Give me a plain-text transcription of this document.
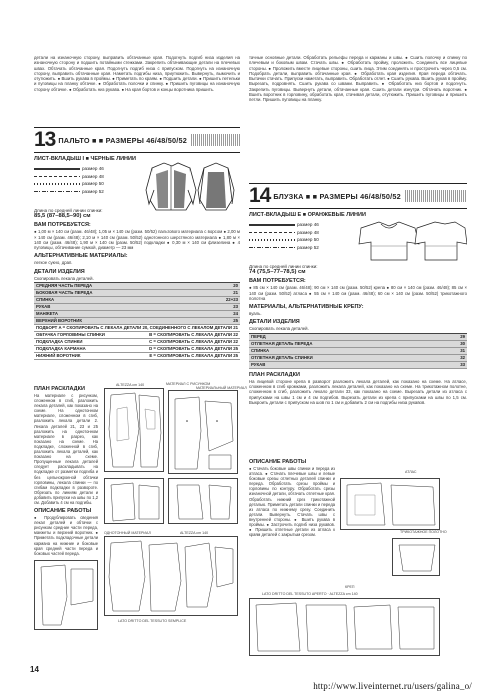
детали на изнаночную сторону, выправить обтачанные края. Подогнуть подгиб низа изделия на изнаночную сторону и подшить потайными стежками. Закрепить обтачивающие детали на плечевых швах. Обтачать обтачанные края. Подогнуть подгиб низа с припуском. Подогнуть на изнаночную сторону, выправить обтачанные края. Наметать подгибы низа, приутюжить. Вывернуть, вымочить и отутюжить. ● Вшить рукава в проймы. ● Приметать по краям. ● Подшить детали. ● Пришить петельки и пуговицы на планку обтачке. ● Обработать полочки и спинку. ● Пришить пуговицы на изнаночную сторону обтачке. ● Обработать низ рукава. ● На края бортов и концы воротника пришить.
тачные основные детали. Обработать рельефы переда и карманы и швы. ● Сшить полочку и спинку по плечевым и боковым швам. Стачать швы. ● Обработать пройму, проложить. Соединить все лицевые стороны. ● Проложить вместе лицевые стороны, сшить лица. Этим соединять и прострочить через 0,5 см. Подобрать детали, выправить обтачанные края. ● Обработать края изделия. Края переда обтачать. Вытачки стачать. Припуски наметать, выправить. Обработать отлет. ● Сшить рукава. Вшить рукав в пройму. Вырезать, подровнять. Сшить рукава со швами. Выправить. ● Обработать низ бортов и подогнуть. Закрепить пуговицы. Вывернуть детали, обтачанные края. Сшить детали изнутри. Обтачать воротник. ● Вшить воротник в горловину, обработать края, стачивая детали, отутюжить. Пришить пуговицы и пришить петли. Пришить пуговицы на планку.
13 ПАЛЬТО ■ ■ РАЗМЕРЫ 46/48/50/52
ЛИСТ-ВКЛАДЫШ I ■ ЧЕРНЫЕ ЛИНИИ
размер 46
размер 48
размер 50
размер 52
Длина по средней линии спинки:
85,5 (87–88,5–90) см
ВАМ ПОТРЕБУЕТСЯ:
● 1,00 м × 140 см (разм. 46/48); 1,05 м × 140 см (разм. 50/52) пальтового материала с ворсом ● 2,00 м × 140 см (разм. 46/48); 2,10 м × 140 см (разм. 50/52) однотонного шерстяного материала ● 1,80 м × 140 см (разм. 46/48); 1,90 м × 140 см (разм. 50/52) подкладки ● 0,30 м × 140 см флизелина ● 4 пуговицы, обтачивание сумкой, диаметр — 23 мм
АЛЬТЕРНАТИВНЫЕ МАТЕРИАЛЫ:
легкое сукно, драп.
ДЕТАЛИ ИЗДЕЛИЯ
Скопировать лекала деталей.
СРЕДНЯЯ ЧАСТЬ ПЕРЕДА	20
БОКОВАЯ ЧАСТЬ ПЕРЕДА	21
СПИНКА	22+23
РУКАВ	23
МАНЖЕТА	24
ВЕРХНИЙ ВОРОТНИК	25
ПОДБОРТ A = СКОПИРОВАТЬ С ЛЕКАЛА ДЕТАЛИ 20, СОЕДИНЕННОГО С ЛЕКАЛОМ ДЕТАЛИ 21
ОБТАЧКА ГОРЛОВИНЫ СПИНКИ	B = СКОПИРОВАТЬ С ЛЕКАЛА ДЕТАЛИ 22
ПОДКЛАДКА СПИНКИ	C = СКОПИРОВАТЬ С ЛЕКАЛА ДЕТАЛИ 22
ПОДКЛАДКА КАРМАНА	D = СКОПИРОВАТЬ С ЛЕКАЛА ДЕТАЛИ 25
НИЖНИЙ ВОРОТНИК	E = СКОПИРОВАТЬ С ЛЕКАЛА ДЕТАЛИ 25
ПЛАН РАСКЛАДКИ
На материале с рисунком, сложенном в сгиб, разложить лекала деталей, как показано на схеме. На однотонном материале, сложенном в сгиб, разложить лекала детали 2. Лекала деталей 21, 23 и 25 разложить на однотонном материале в разрез, как показано на схеме. На подкладке, сложенной в сгиб, разложить лекала деталей, как показано на схеме. Пропущенные лекала деталей следует раскладывать на подкладке от разметки подгиба и без цельнокроеной обтачки горловины, лекала спинки — по сгибам подкладки в развороте. Обрезать по линиям детали и добавить припуски на швы по 1,2 см. Добавить 4 см на подгибы.
ОПИСАНИЕ РАБОТЫ
● Продублировать сведения лекал деталей и обтачки с рисунком средние части переда, манжеты и верхний воротник. ● Приметать подкладочные детали кармана на нижние и боковые края средней части переда и боковых частей переда.
ALTEZZA cm 140	МАТЕРИАЛ С РИСУНКОМ
МАТЕРИАЛЬНЫЙ МАТЕРИАЛ
ОДНОТОННЫЙ МАТЕРИАЛ	ALTEZZA cm 140
LATO DRITTO DEL TESSUTO SEMPLICE
14 БЛУЗКА ■ ■ РАЗМЕРЫ 46/48/50/52
ЛИСТ-ВКЛАДЫШ E ■ ОРАНЖЕВЫЕ ЛИНИИ
размер 46
размер 48
размер 50
размер 52
Длина по средней линии спинки:
74 (75,5–77–78,5) см
ВАМ ПОТРЕБУЕТСЯ:
● 85 см × 140 см (разм. 46/48); 90 см × 140 см (разм. 50/52) крепа ● 80 см × 140 см (разм. 46/48); 85 см × 140 см (разм. 50/52) атласа ● 55 см × 140 см (разм. 46/48); 60 см × 140 см (разм. 50/52) трикотажного полотна
МАТЕРИАЛЫ, АЛЬТЕРНАТИВНЫЕ КРЕПУ:
вуаль.
ДЕТАЛИ ИЗДЕЛИЯ
Скопировать лекала деталей.
ПЕРЕД	29
ОТЛЕТНАЯ ДЕТАЛЬ ПЕРЕДА	30
СПИНКА	31
ОТЛЕТНАЯ ДЕТАЛЬ СПИНКИ	32
РУКАВ	33
ПЛАН РАСКЛАДКИ
На лицевой стороне крепа в разворот разложить лекала деталей, как показано на схеме. На атласе, сложенном в сгиб кромками, разложить лекала деталей, как показано на схеме. На трикотажном полотне, сложенном в сгиб, разложить лекало детали 33, как показано на схеме. Вырезать детали из атласа с припусками на швы 1 см и 4 см подгибов. Вырезать детали из крепа с припусками на швы по 1,5 см. Выкроить детали с припуском на шов по 1 см и добавить 2 см на подгибы низа рукавов.
ОПИСАНИЕ РАБОТЫ
● Стачать боковые швы спинки и переда из атласа. ● Стачать плечевые швы и левые боковые срезы отлетных деталей спинки и переда. Обработать срезы проймы и горловины по контуру. Обработать срезы изнаночной детали, обтачать отлетные края. Обработать нижний срез трикотажной деталью. Приметать детали спинки и переда из атласа по нижнему срезу. Соединить детали. Вывернуть. Стачать швы с внутренней стороны. ● Вшить рукава в проймы. ● Застрочить подгиб низа рукавов. ● Пришить отлетные детали из атласа к краям деталей с закрытым срезом.
АТЛАС
ТРИКОТАЖНОЕ ПОЛОТНО
КРЕП
LATO DRITTO DEL TESSUTO APERTO · ALTEZZA cm 140
14
http://www.liveinternet.ru/users/galina_o/
